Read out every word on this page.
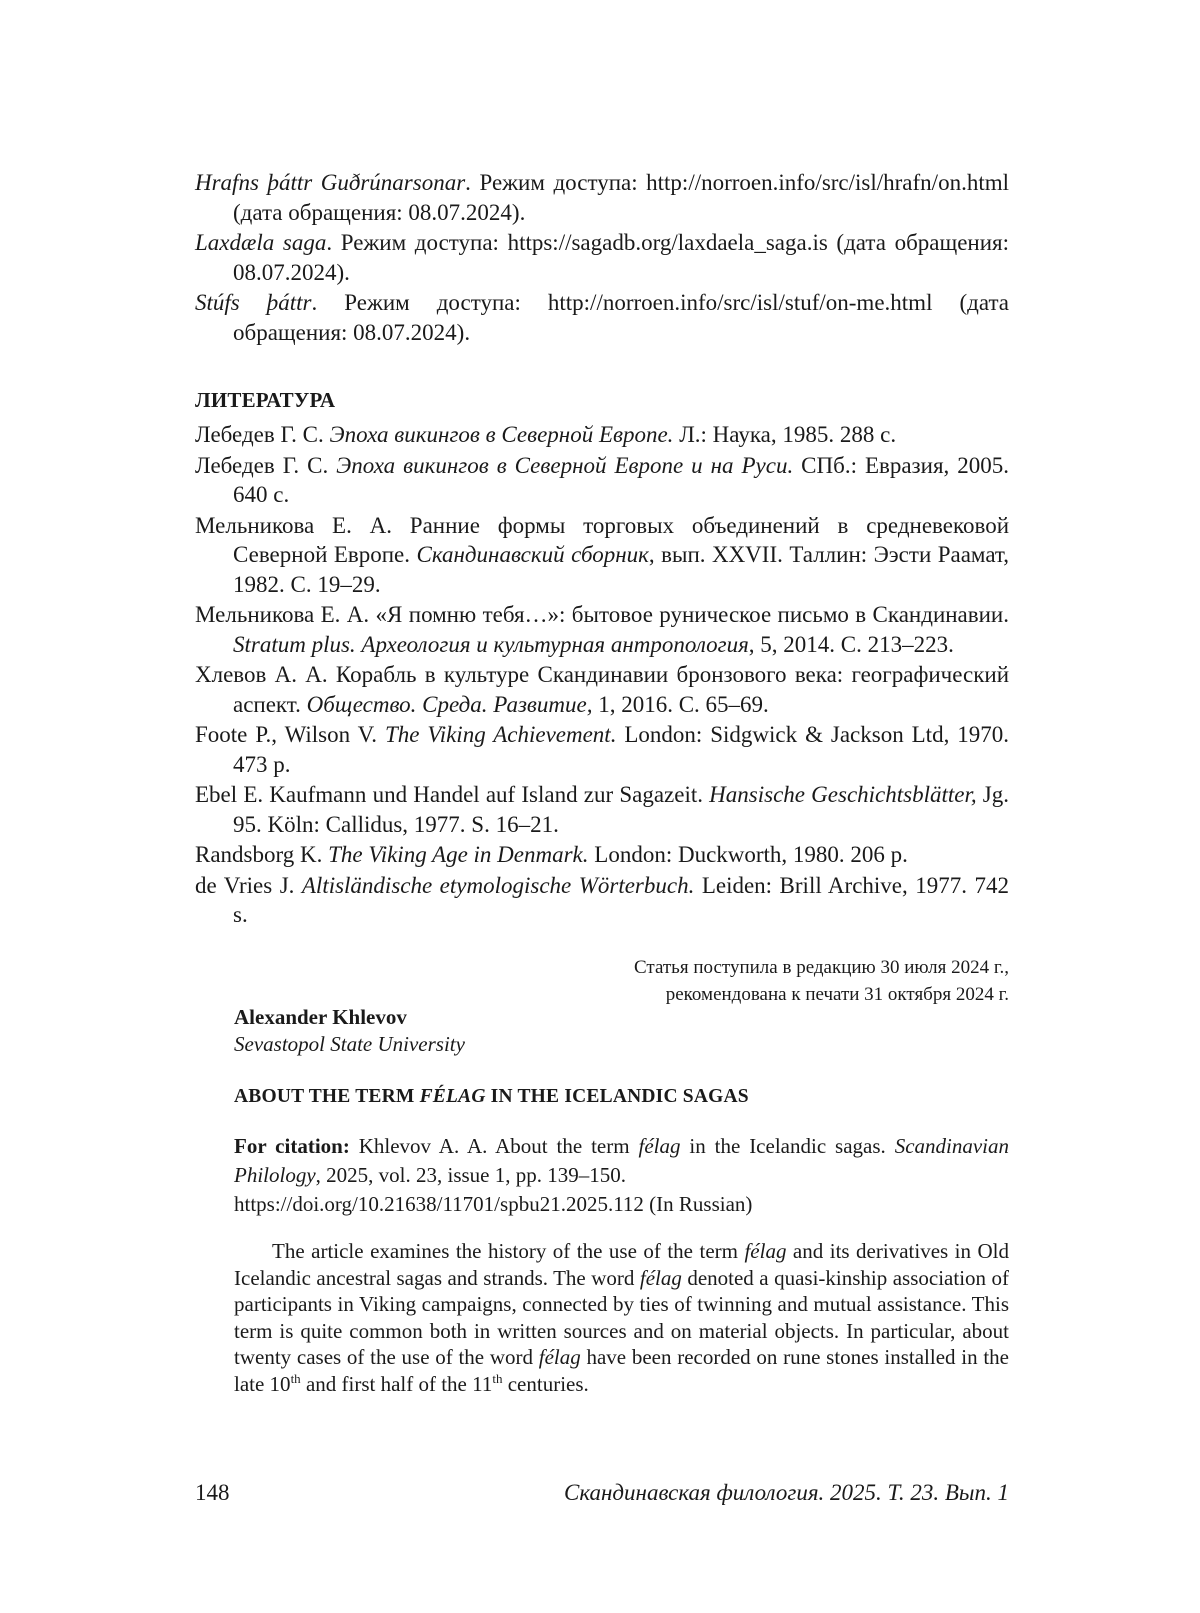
Hrafns þáttr Guðrúnarsonar. Режим доступа: http://norroen.info/src/isl/hrafn/on.html (дата обращения: 08.07.2024).

Laxdæla saga. Режим доступа: https://sagadb.org/laxdaela_saga.is (дата обращения: 08.07.2024).

Stúfs þáttr. Режим доступа: http://norroen.info/src/isl/stuf/on-me.html (дата обращения: 08.07.2024).

ЛИТЕРАТУРА

Лебедев Г. С. Эпоха викингов в Северной Европе. Л.: Наука, 1985. 288 с.

Лебедев Г. С. Эпоха викингов в Северной Европе и на Руси. СПб.: Евразия, 2005. 640 с.

Мельникова Е. А. Ранние формы торговых объединений в средневековой Северной Европе. Скандинавский сборник, вып. XXVII. Таллин: Ээсти Раамат, 1982. С. 19–29.

Мельникова Е. А. «Я помню тебя…»: бытовое руническое письмо в Скандинавии. Stratum plus. Археология и культурная антропология, 5, 2014. С. 213–223.

Хлевов А. А. Корабль в культуре Скандинавии бронзового века: географический аспект. Общество. Среда. Развитие, 1, 2016. С. 65–69.

Foote P., Wilson V. The Viking Achievement. London: Sidgwick & Jackson Ltd, 1970. 473 p.

Ebel E. Kaufmann und Handel auf Island zur Sagazeit. Hansische Geschichtsblätter, Jg. 95. Köln: Callidus, 1977. S. 16–21.

Randsborg K. The Viking Age in Denmark. London: Duckworth, 1980. 206 p.

de Vries J. Altisländische etymologische Wörterbuch. Leiden: Brill Archive, 1977. 742 s.

Статья поступила в редакцию 30 июля 2024 г.,
рекомендована к печати 31 октября 2024 г.

Alexander Khlevov

Sevastopol State University

ABOUT THE TERM FÉLAG IN THE ICELANDIC SAGAS

For citation: Khlevov A. A. About the term félag in the Icelandic sagas. Scandinavian Philology, 2025, vol. 23, issue 1, pp. 139–150.

https://doi.org/10.21638/11701/spbu21.2025.112 (In Russian)

The article examines the history of the use of the term félag and its derivatives in Old Icelandic ancestral sagas and strands. The word félag denoted a quasi-kinship association of participants in Viking campaigns, connected by ties of twinning and mutual assistance. This term is quite common both in written sources and on material objects. In particular, about twenty cases of the use of the word félag have been recorded on rune stones installed in the late 10th and first half of the 11th centuries.

148	Скандинавская филология. 2025. Т. 23. Вып. 1
